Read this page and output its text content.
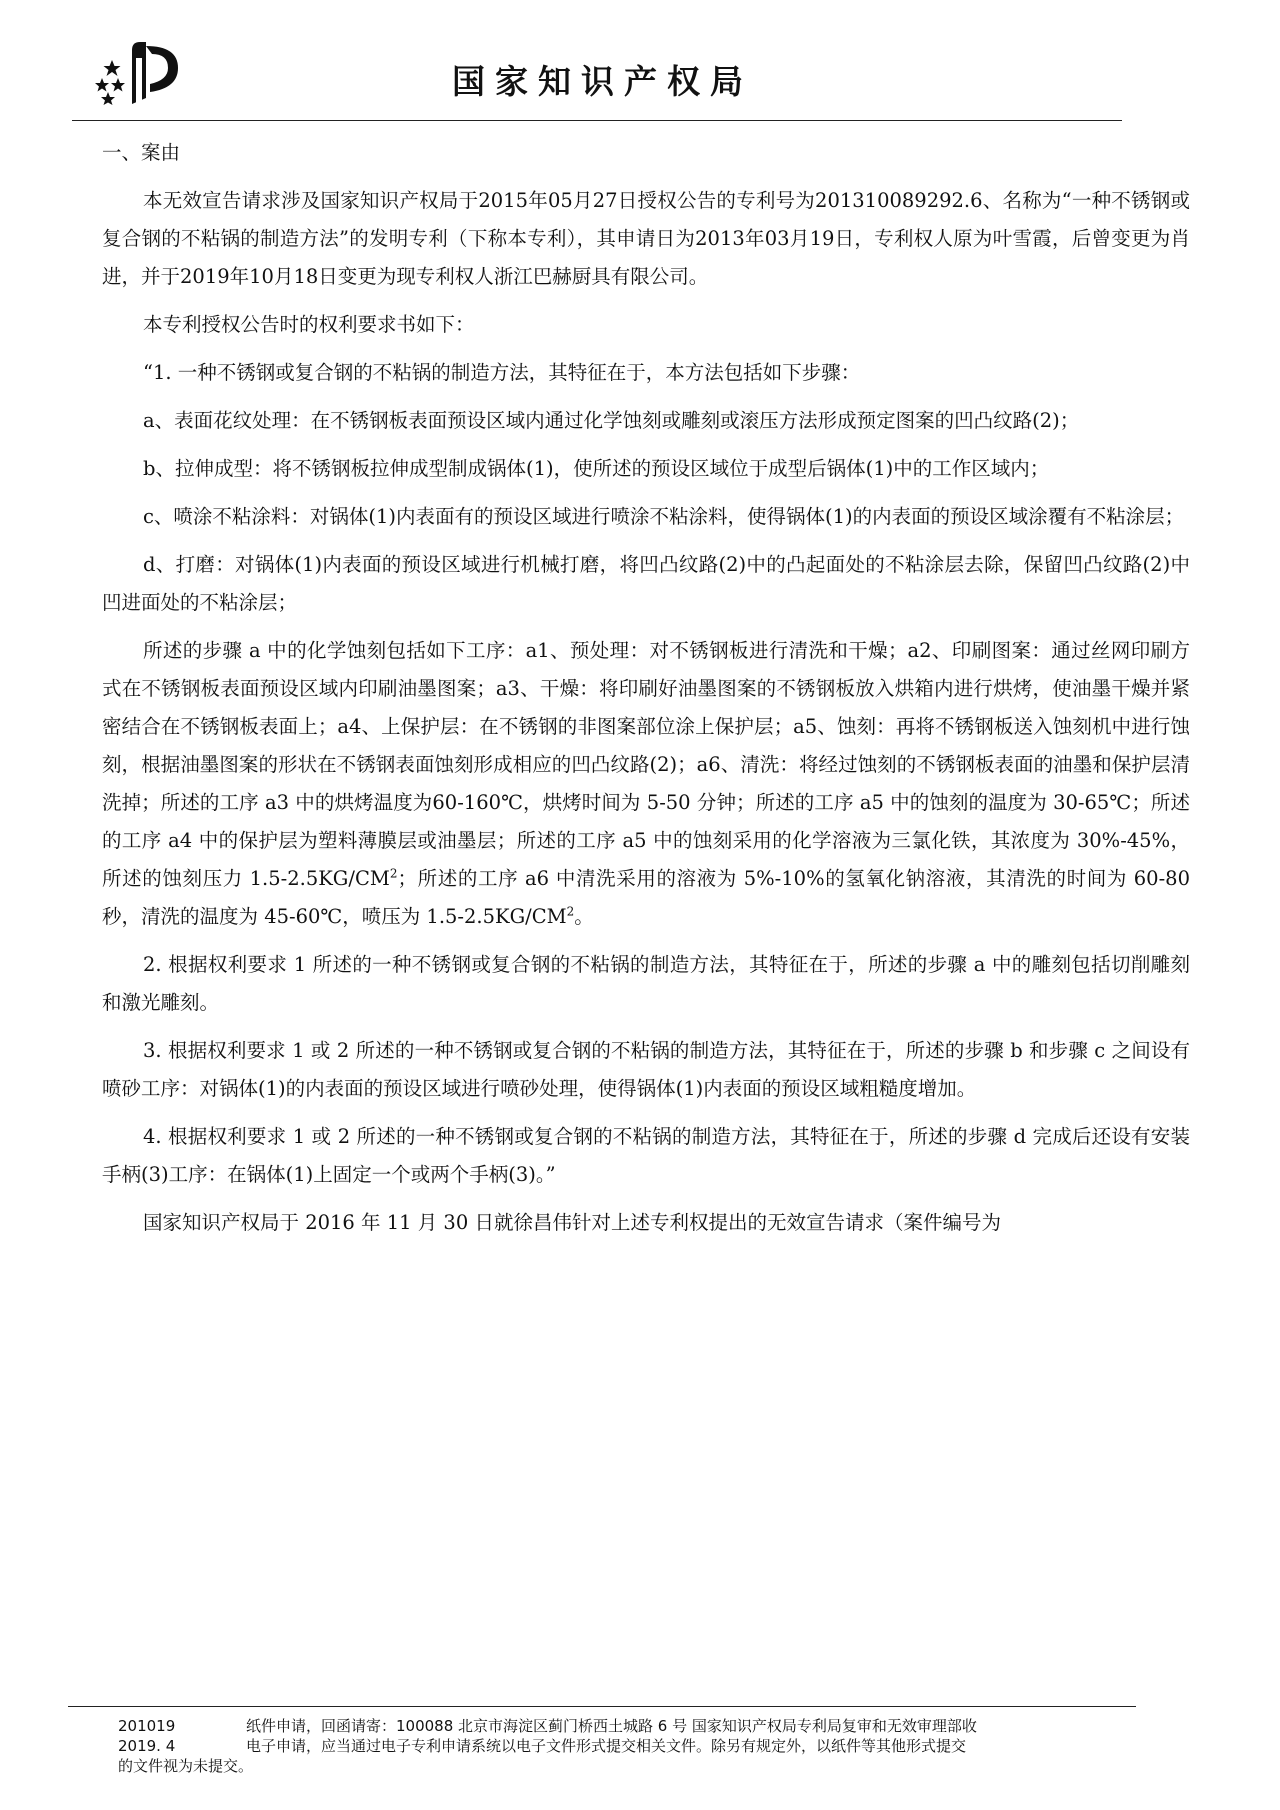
国家知识产权局

一、案由

本无效宣告请求涉及国家知识产权局于2015年05月27日授权公告的专利号为201310089292.6、名称为“一种不锈钢或复合钢的不粘锅的制造方法”的发明专利（下称本专利），其申请日为2013年03月19日，专利权人原为叶雪霞，后曾变更为肖进，并于2019年10月18日变更为现专利权人浙江巴赫厨具有限公司。

本专利授权公告时的权利要求书如下：

“1. 一种不锈钢或复合钢的不粘锅的制造方法，其特征在于，本方法包括如下步骤：

a、表面花纹处理：在不锈钢板表面预设区域内通过化学蚀刻或雕刻或滚压方法形成预定图案的凹凸纹路(2)；

b、拉伸成型：将不锈钢板拉伸成型制成锅体(1)，使所述的预设区域位于成型后锅体(1)中的工作区域内；

c、喷涂不粘涂料：对锅体(1)内表面有的预设区域进行喷涂不粘涂料，使得锅体(1)的内表面的预设区域涂覆有不粘涂层；

d、打磨：对锅体(1)内表面的预设区域进行机械打磨，将凹凸纹路(2)中的凸起面处的不粘涂层去除，保留凹凸纹路(2)中凹进面处的不粘涂层；

所述的步骤 a 中的化学蚀刻包括如下工序：a1、预处理：对不锈钢板进行清洗和干燥；a2、印刷图案：通过丝网印刷方式在不锈钢板表面预设区域内印刷油墨图案；a3、干燥：将印刷好油墨图案的不锈钢板放入烘箱内进行烘烤，使油墨干燥并紧密结合在不锈钢板表面上；a4、上保护层：在不锈钢的非图案部位涂上保护层；a5、蚀刻：再将不锈钢板送入蚀刻机中进行蚀刻，根据油墨图案的形状在不锈钢表面蚀刻形成相应的凹凸纹路(2)；a6、清洗：将经过蚀刻的不锈钢板表面的油墨和保护层清洗掉；所述的工序 a3 中的烘烤温度为60-160℃，烘烤时间为 5-50 分钟；所述的工序 a5 中的蚀刻的温度为 30-65℃；所述的工序 a4 中的保护层为塑料薄膜层或油墨层；所述的工序 a5 中的蚀刻采用的化学溶液为三氯化铁，其浓度为 30%-45%，所述的蚀刻压力 $1.5-2.5KG/CM^2$；所述的工序 a6 中清洗采用的溶液为 5%-10%的氢氧化钠溶液，其清洗的时间为 60-80秒，清洗的温度为 45-60℃，喷压为 $1.5-2.5KG/CM^2$。

2. 根据权利要求 1 所述的一种不锈钢或复合钢的不粘锅的制造方法，其特征在于，所述的步骤 a 中的雕刻包括切削雕刻和激光雕刻。

3. 根据权利要求 1 或 2 所述的一种不锈钢或复合钢的不粘锅的制造方法，其特征在于，所述的步骤 b 和步骤 c 之间设有喷砂工序：对锅体(1)的内表面的预设区域进行喷砂处理，使得锅体(1)内表面的预设区域粗糙度增加。

4. 根据权利要求 1 或 2 所述的一种不锈钢或复合钢的不粘锅的制造方法，其特征在于，所述的步骤 d 完成后还设有安装手柄(3)工序：在锅体(1)上固定一个或两个手柄(3)。”

国家知识产权局于 2016 年 11 月 30 日就徐昌伟针对上述专利权提出的无效宣告请求（案件编号为

201019	纸件申请，回函请寄：100088 北京市海淀区蓟门桥西土城路 6 号 国家知识产权局专利局复审和无效审理部收
2019. 4	电子申请，应当通过电子专利申请系统以电子文件形式提交相关文件。除另有规定外，以纸件等其他形式提交
的文件视为未提交。
